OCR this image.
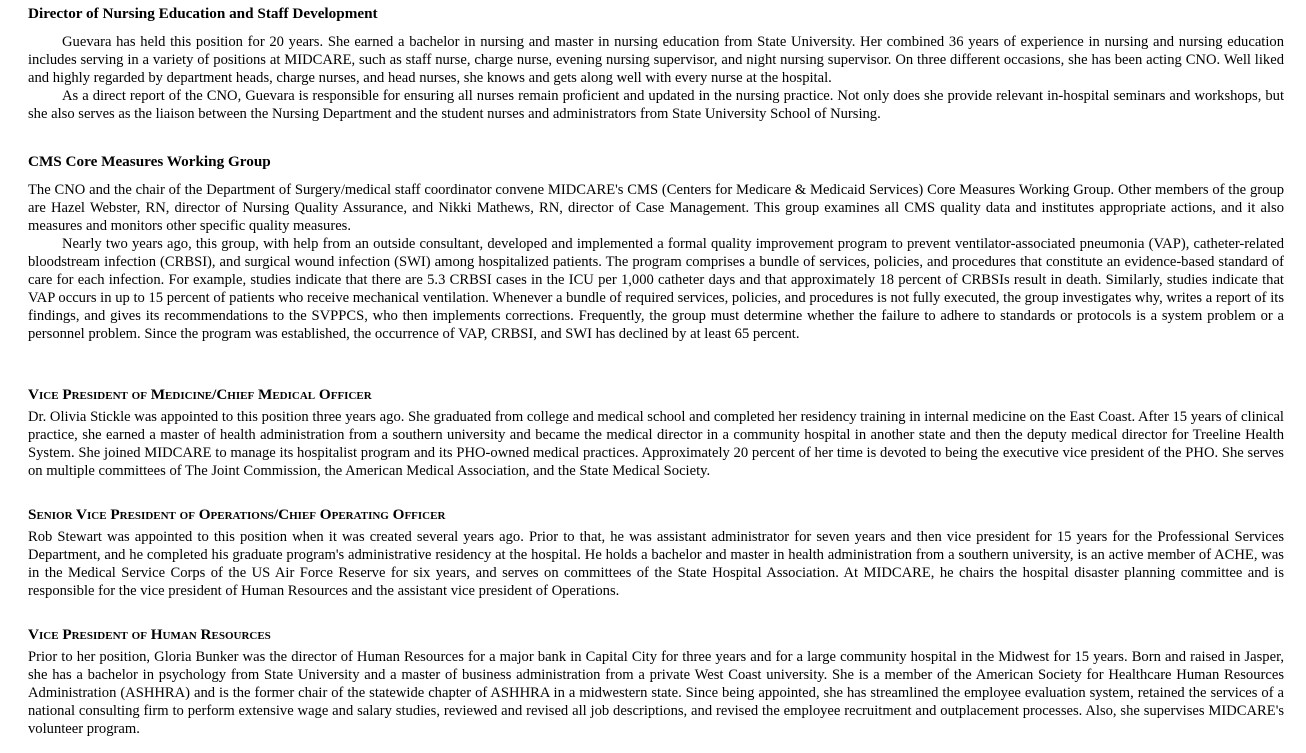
Director of Nursing Education and Staff Development

Guevara has held this position for 20 years. She earned a bachelor in nursing and master in nursing education from State University. Her combined 36 years of experience in nursing and nursing education includes serving in a variety of positions at MIDCARE, such as staff nurse, charge nurse, evening nursing supervisor, and night nursing supervisor. On three different occasions, she has been acting CNO. Well liked and highly regarded by department heads, charge nurses, and head nurses, she knows and gets along well with every nurse at the hospital.

As a direct report of the CNO, Guevara is responsible for ensuring all nurses remain proficient and updated in the nursing practice. Not only does she provide relevant in-hospital seminars and workshops, but she also serves as the liaison between the Nursing Department and the student nurses and administrators from State University School of Nursing.

CMS Core Measures Working Group

The CNO and the chair of the Department of Surgery/medical staff coordinator convene MIDCARE's CMS (Centers for Medicare & Medicaid Services) Core Measures Working Group. Other members of the group are Hazel Webster, RN, director of Nursing Quality Assurance, and Nikki Mathews, RN, director of Case Management. This group examines all CMS quality data and institutes appropriate actions, and it also measures and monitors other specific quality measures.

Nearly two years ago, this group, with help from an outside consultant, developed and implemented a formal quality improvement program to prevent ventilator-associated pneumonia (VAP), catheter-related bloodstream infection (CRBSI), and surgical wound infection (SWI) among hospitalized patients. The program comprises a bundle of services, policies, and procedures that constitute an evidence-based standard of care for each infection. For example, studies indicate that there are 5.3 CRBSI cases in the ICU per 1,000 catheter days and that approximately 18 percent of CRBSIs result in death. Similarly, studies indicate that VAP occurs in up to 15 percent of patients who receive mechanical ventilation. Whenever a bundle of required services, policies, and procedures is not fully executed, the group investigates why, writes a report of its findings, and gives its recommendations to the SVPPCS, who then implements corrections. Frequently, the group must determine whether the failure to adhere to standards or protocols is a system problem or a personnel problem. Since the program was established, the occurrence of VAP, CRBSI, and SWI has declined by at least 65 percent.

Vice President of Medicine/Chief Medical Officer

Dr. Olivia Stickle was appointed to this position three years ago. She graduated from college and medical school and completed her residency training in internal medicine on the East Coast. After 15 years of clinical practice, she earned a master of health administration from a southern university and became the medical director in a community hospital in another state and then the deputy medical director for Treeline Health System. She joined MIDCARE to manage its hospitalist program and its PHO-owned medical practices. Approximately 20 percent of her time is devoted to being the executive vice president of the PHO. She serves on multiple committees of The Joint Commission, the American Medical Association, and the State Medical Society.

Senior Vice President of Operations/Chief Operating Officer

Rob Stewart was appointed to this position when it was created several years ago. Prior to that, he was assistant administrator for seven years and then vice president for 15 years for the Professional Services Department, and he completed his graduate program's administrative residency at the hospital. He holds a bachelor and master in health administration from a southern university, is an active member of ACHE, was in the Medical Service Corps of the US Air Force Reserve for six years, and serves on committees of the State Hospital Association. At MIDCARE, he chairs the hospital disaster planning committee and is responsible for the vice president of Human Resources and the assistant vice president of Operations.

Vice President of Human Resources

Prior to her position, Gloria Bunker was the director of Human Resources for a major bank in Capital City for three years and for a large community hospital in the Midwest for 15 years. Born and raised in Jasper, she has a bachelor in psychology from State University and a master of business administration from a private West Coast university. She is a member of the American Society for Healthcare Human Resources Administration (ASHHRA) and is the former chair of the statewide chapter of ASHHRA in a midwestern state. Since being appointed, she has streamlined the employee evaluation system, retained the services of a national consulting firm to perform extensive wage and salary studies, reviewed and revised all job descriptions, and revised the employee recruitment and outplacement processes. Also, she supervises MIDCARE's volunteer program.
